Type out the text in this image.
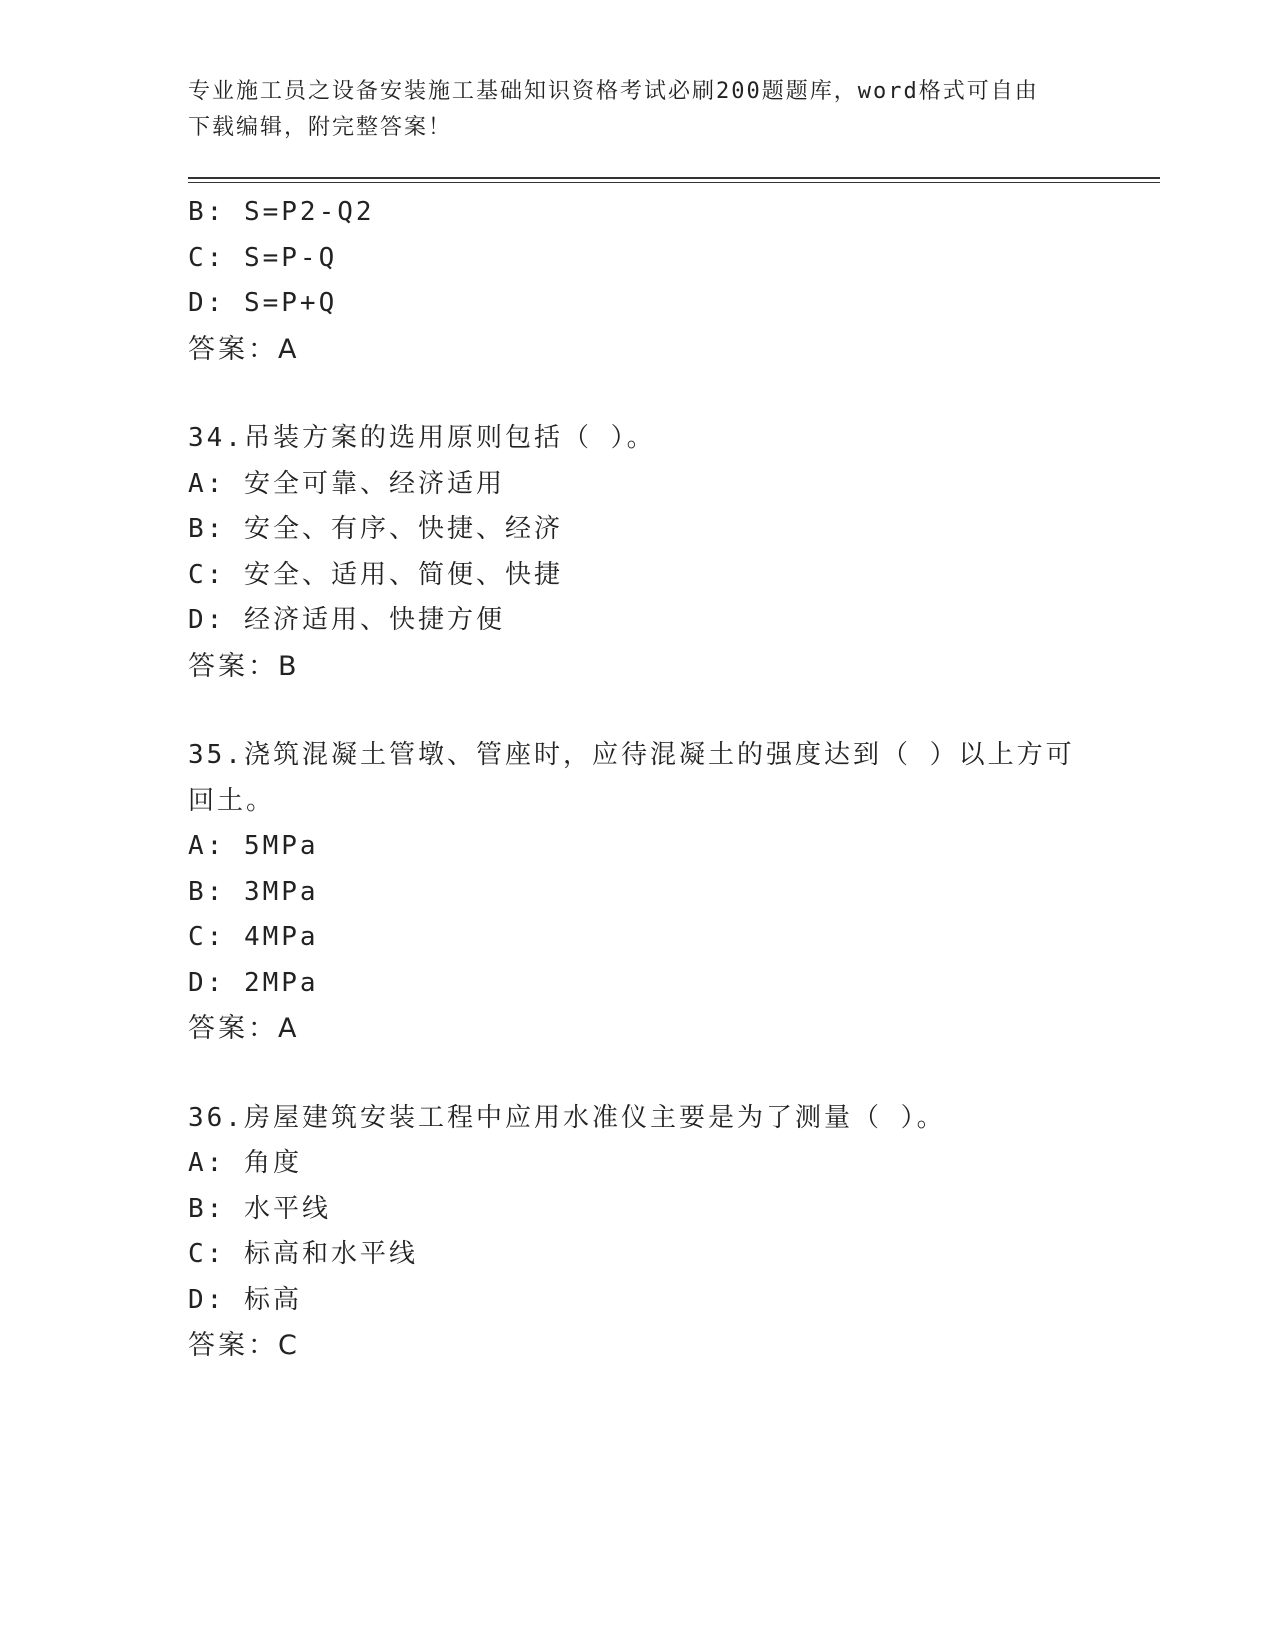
专业施工员之设备安装施工基础知识资格考试必刷200题题库，word格式可自由
下载编辑，附完整答案！
B: S=P2-Q2
C: S=P-Q
D: S=P+Q
答案：A
34.吊装方案的选用原则包括（ ）。
A: 安全可靠、经济适用
B: 安全、有序、快捷、经济
C: 安全、适用、简便、快捷
D: 经济适用、快捷方便
答案：B
35.浇筑混凝土管墩、管座时，应待混凝土的强度达到（ ）以上方可
回土。
A: 5MPa
B: 3MPa
C: 4MPa
D: 2MPa
答案：A
36.房屋建筑安装工程中应用水准仪主要是为了测量（ ）。
A: 角度
B: 水平线
C: 标高和水平线
D: 标高
答案：C
